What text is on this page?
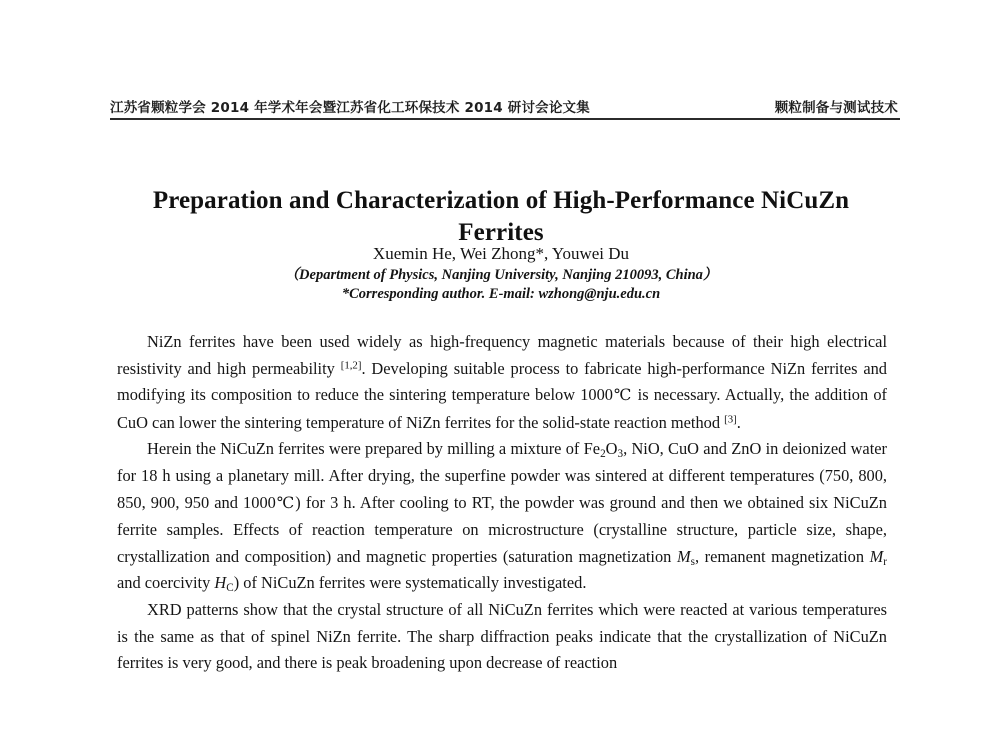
江苏省颗粒学会 2014 年学术年会暨江苏省化工环保技术 2014 研讨会论文集	颗粒制备与测试技术
Preparation and Characterization of High-Performance NiCuZn Ferrites
Xuemin He, Wei Zhong*, Youwei Du
（Department of Physics, Nanjing University, Nanjing 210093, China）
*Corresponding author. E-mail: wzhong@nju.edu.cn

NiZn ferrites have been used widely as high-frequency magnetic materials because of their high electrical resistivity and high permeability [1,2]. Developing suitable process to fabricate high-performance NiZn ferrites and modifying its composition to reduce the sintering temperature below 1000℃ is necessary. Actually, the addition of CuO can lower the sintering temperature of NiZn ferrites for the solid-state reaction method [3].

Herein the NiCuZn ferrites were prepared by milling a mixture of $Fe_2O_3$, NiO, CuO and ZnO in deionized water for 18 h using a planetary mill. After drying, the superfine powder was sintered at different temperatures (750, 800, 850, 900, 950 and 1000℃) for 3 h. After cooling to RT, the powder was ground and then we obtained six NiCuZn ferrite samples. Effects of reaction temperature on microstructure (crystalline structure, particle size, shape, crystallization and composition) and magnetic properties (saturation magnetization $M_s$, remanent magnetization $M_r$ and coercivity $H_C$) of NiCuZn ferrites were systematically investigated.

XRD patterns show that the crystal structure of all NiCuZn ferrites which were reacted at various temperatures is the same as that of spinel NiZn ferrite. The sharp diffraction peaks indicate that the crystallization of NiCuZn ferrites is very good, and there is peak broadening upon decrease of reaction
